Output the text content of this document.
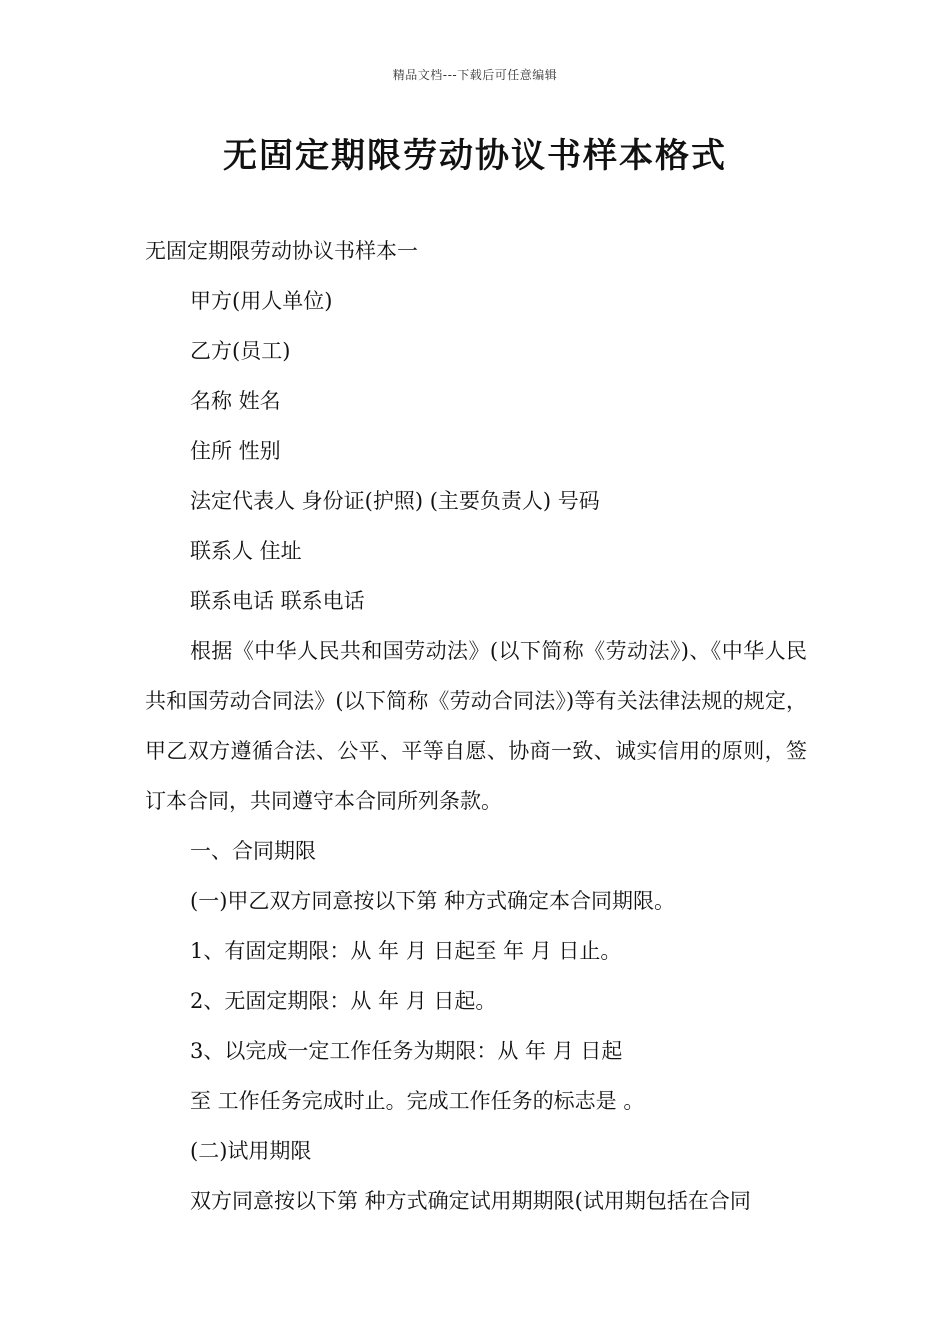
精品文档---下载后可任意编辑
无固定期限劳动协议书样本格式

无固定期限劳动协议书样本一

甲方(用人单位)

乙方(员工)

名称 姓名

住所 性别

法定代表人 身份证(护照) (主要负责人) 号码

联系人 住址

联系电话 联系电话

根据《中华人民共和国劳动法》(以下简称《劳动法》)、《中华人民共和国劳动合同法》(以下简称《劳动合同法》)等有关法律法规的规定，甲乙双方遵循合法、公平、平等自愿、协商一致、诚实信用的原则，签订本合同，共同遵守本合同所列条款。

一、合同期限

(一)甲乙双方同意按以下第 种方式确定本合同期限。

1、有固定期限：从 年 月 日起至 年 月 日止。

2、无固定期限：从 年 月 日起。

3、以完成一定工作任务为期限：从 年 月 日起

至 工作任务完成时止。完成工作任务的标志是 。

(二)试用期限

双方同意按以下第 种方式确定试用期期限(试用期包括在合同
